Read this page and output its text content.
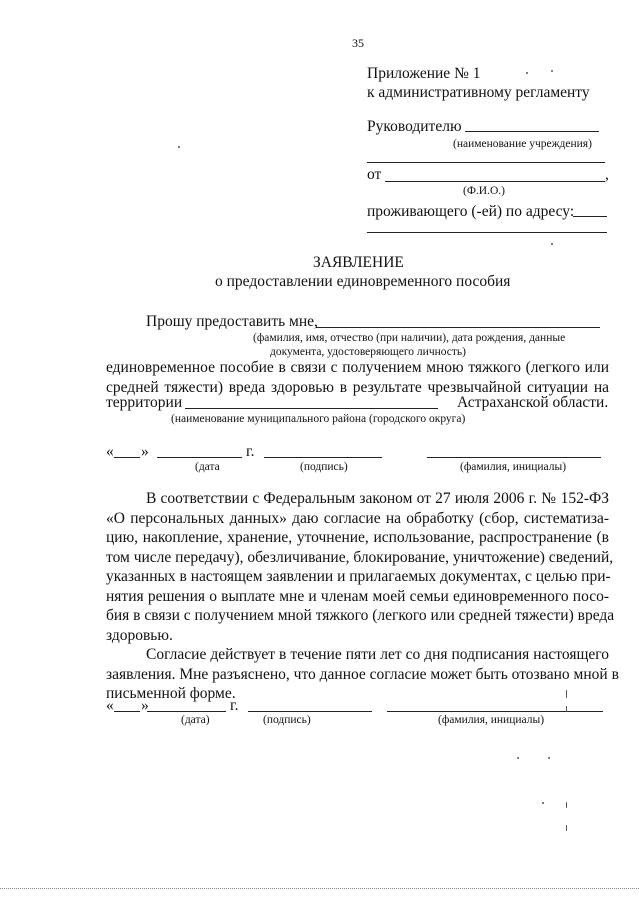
35
Приложение № 1
к административному регламенту
Руководителю
(наименование учреждения)
от	,
(Ф.И.О.)
проживающего (-ей) по адресу:
ЗАЯВЛЕНИЕ
о предоставлении единовременного пособия
Прошу предоставить мне,
(фамилия, имя, отчество (при наличии), дата рождения, данные
документа, удостоверяющего личность)
единовременное пособие в связи с получением мною тяжкого (легкого или
средней тяжести) вреда здоровью в результате чрезвычайной ситуации на
территории	Астраханской области.
(наименование муниципального района (городского округа)
« »	г.
(дата	(подпись)	(фамилия, инициалы)
В соответствии с Федеральным законом от 27 июля 2006 г. № 152-ФЗ
«О персональных данных» даю согласие на обработку (сбор, систематиза-
цию, накопление, хранение, уточнение, использование, распространение (в
том числе передачу), обезличивание, блокирование, уничтожение) сведений,
указанных в настоящем заявлении и прилагаемых документах, с целью при-
нятия решения о выплате мне и членам моей семьи единовременного посо-
бия в связи с получением мной тяжкого (легкого или средней тяжести) вреда
здоровью.
Согласие действует в течение пяти лет со дня подписания настоящего
заявления. Мне разъяснено, что данное согласие может быть отозвано мной в
письменной форме.
« »	г.
(дата)	(подпись)	(фамилия, инициалы)
